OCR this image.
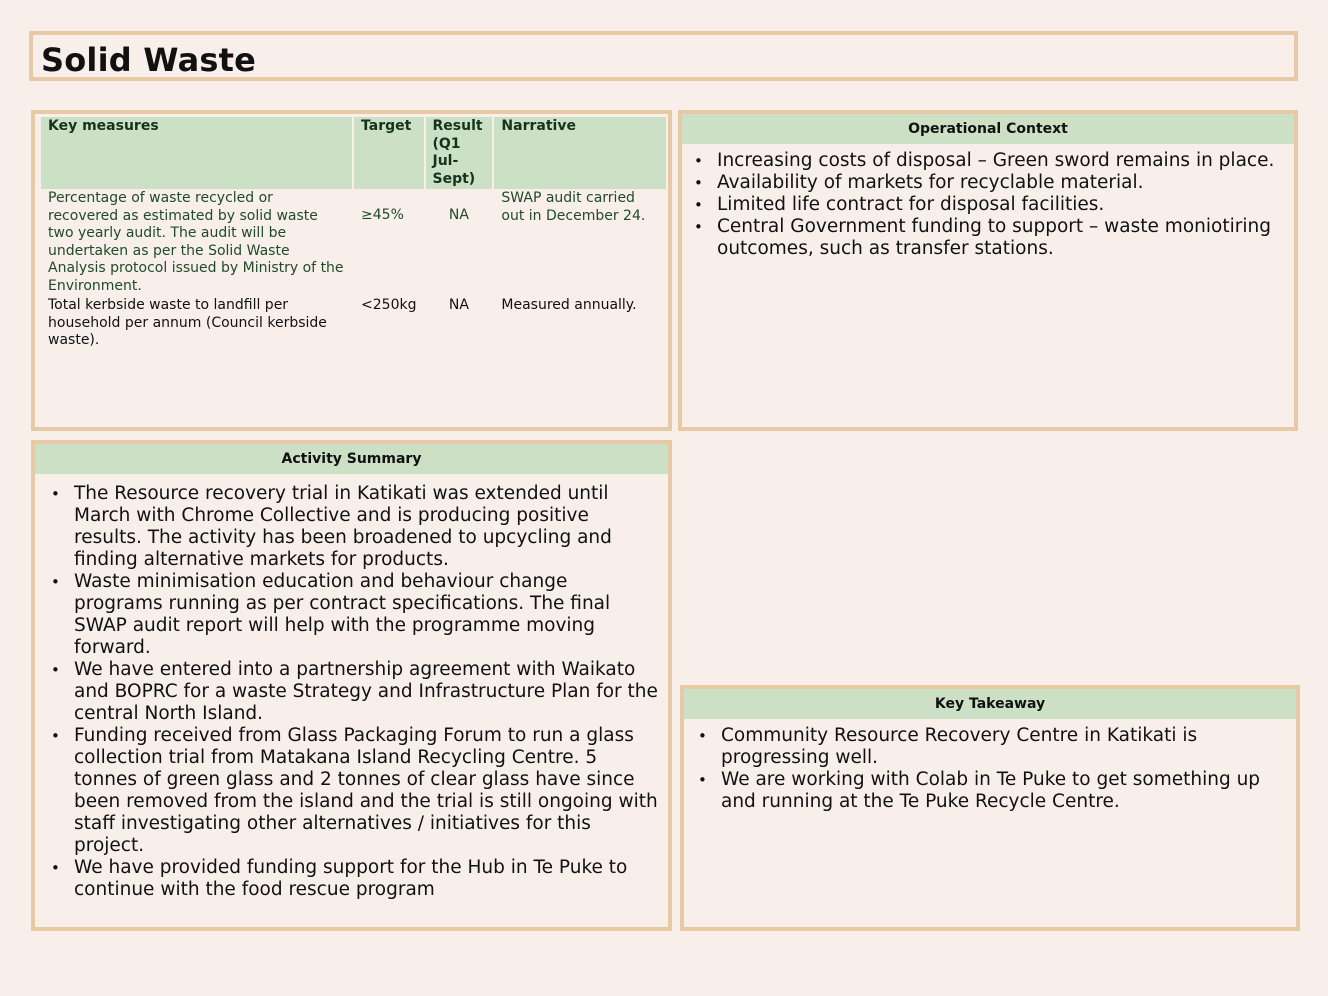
Solid Waste
Key measures	Target	Result (Q1 Jul-Sept)	Narrative
Percentage of waste recycled or recovered as estimated by solid waste two yearly audit. The audit will be undertaken as per the Solid Waste Analysis protocol issued by Ministry of the Environment.	≥45%	NA	SWAP audit carried out in December 24.
Total kerbside waste to landfill per household per annum (Council kerbside waste).	<250kg	NA	Measured annually.
Operational Context
• Increasing costs of disposal – Green sword remains in place.
• Availability of markets for recyclable material.
• Limited life contract for disposal facilities.
• Central Government funding to support – waste moniotiring outcomes, such as transfer stations.
Activity Summary
• The Resource recovery trial in Katikati was extended until March with Chrome Collective and is producing positive results. The activity has been broadened to upcycling and finding alternative markets for products.
• Waste minimisation education and behaviour change programs running as per contract specifications. The final SWAP audit report will help with the programme moving forward.
• We have entered into a partnership agreement with Waikato and BOPRC for a waste Strategy and Infrastructure Plan for the central North Island.
• Funding received from Glass Packaging Forum to run a glass collection trial from Matakana Island Recycling Centre. 5 tonnes of green glass and 2 tonnes of clear glass have since been removed from the island and the trial is still ongoing with staff investigating other alternatives / initiatives for this project.
• We have provided funding support for the Hub in Te Puke to continue with the food rescue program
Key Takeaway
• Community Resource Recovery Centre in Katikati is progressing well.
• We are working with Colab in Te Puke to get something up and running at the Te Puke Recycle Centre.
